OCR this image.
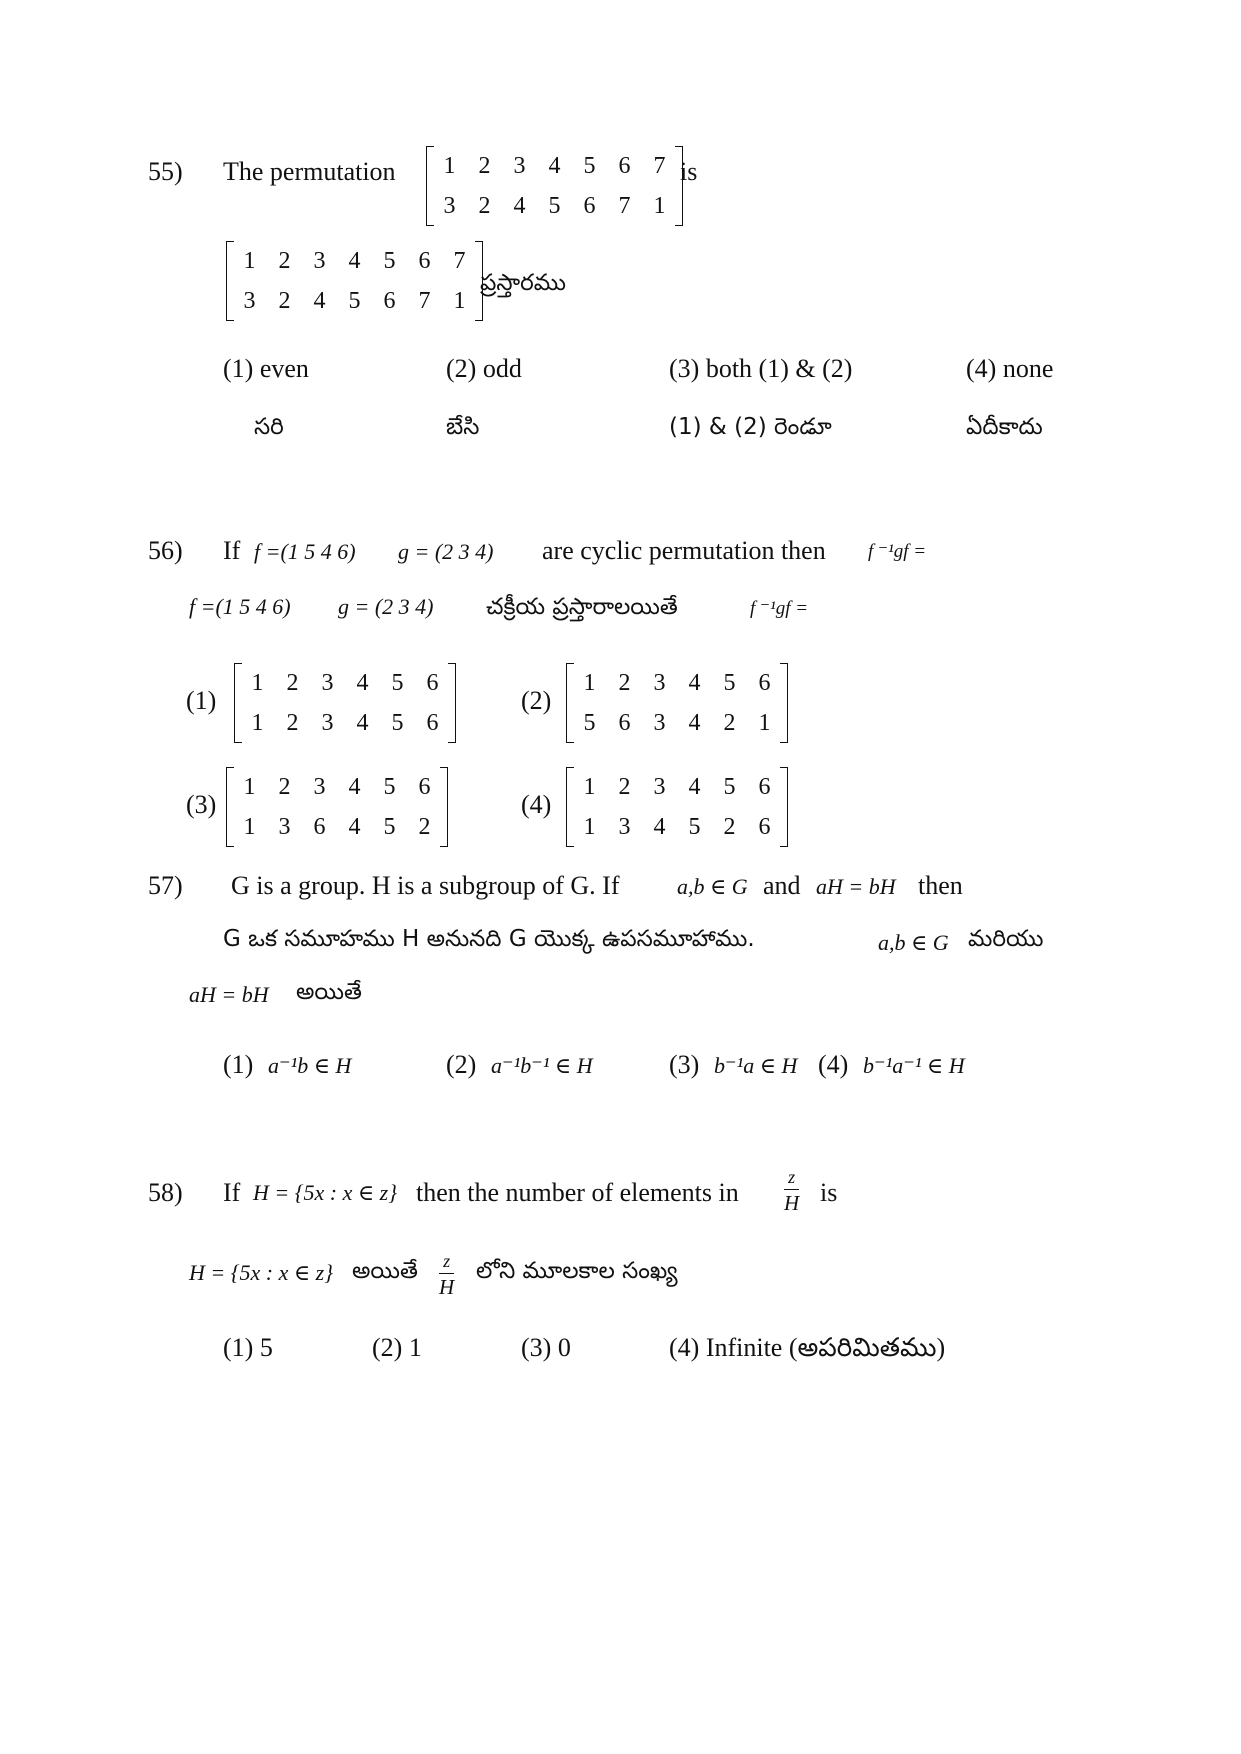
55) The permutation 1 2 3 4 5 6 7
3 2 4 5 6 7 1
is
1 2 3 4 5 6 7
3 2 4 5 6 7 1
ప్రస్తారము
(1) even	(2) odd	(3) both (1) & (2)	(4) none
సరి	బేసి	(1) & (2) రెండూ	ఏదీకాదు
56) If f =(1 5 4 6) g = (2 3 4) are cyclic permutation then f ⁻¹gf =
f =(1 5 4 6) g = (2 3 4) చక్రీయ ప్రస్తారాలయితే	f ⁻¹gf =
(1)
1 2 3 4 5 6
1 2 3 4 5 6
(2)
1 2 3 4 5 6
5 6 3 4 2 1
(3)
1 2 3 4 5 6
1 3 6 4 5 2
(4)
1 2 3 4 5 6
1 3 4 5 2 6
57) G is a group. H is a subgroup of G. If	a,b ∈ G and aH = bH then
G ఒక సమూహము H అనునది G యొక్క ఉపసమూహాము.	a,b ∈ G మరియు
aH = bH అయితే
(1) a⁻¹b ∈ H	(2) a⁻¹b⁻¹ ∈ H	(3) b⁻¹a ∈ H (4) b⁻¹a⁻¹ ∈ H
58) If H = {5x : x ∈ z} then the number of elements in	$\frac{z}{H}$ is
H = {5x : x ∈ z} అయితే $\frac{z}{H}$ లోని మూలకాల సంఖ్య
(1) 5	(2) 1	(3) 0	(4) Infinite (అపరిమితము)
